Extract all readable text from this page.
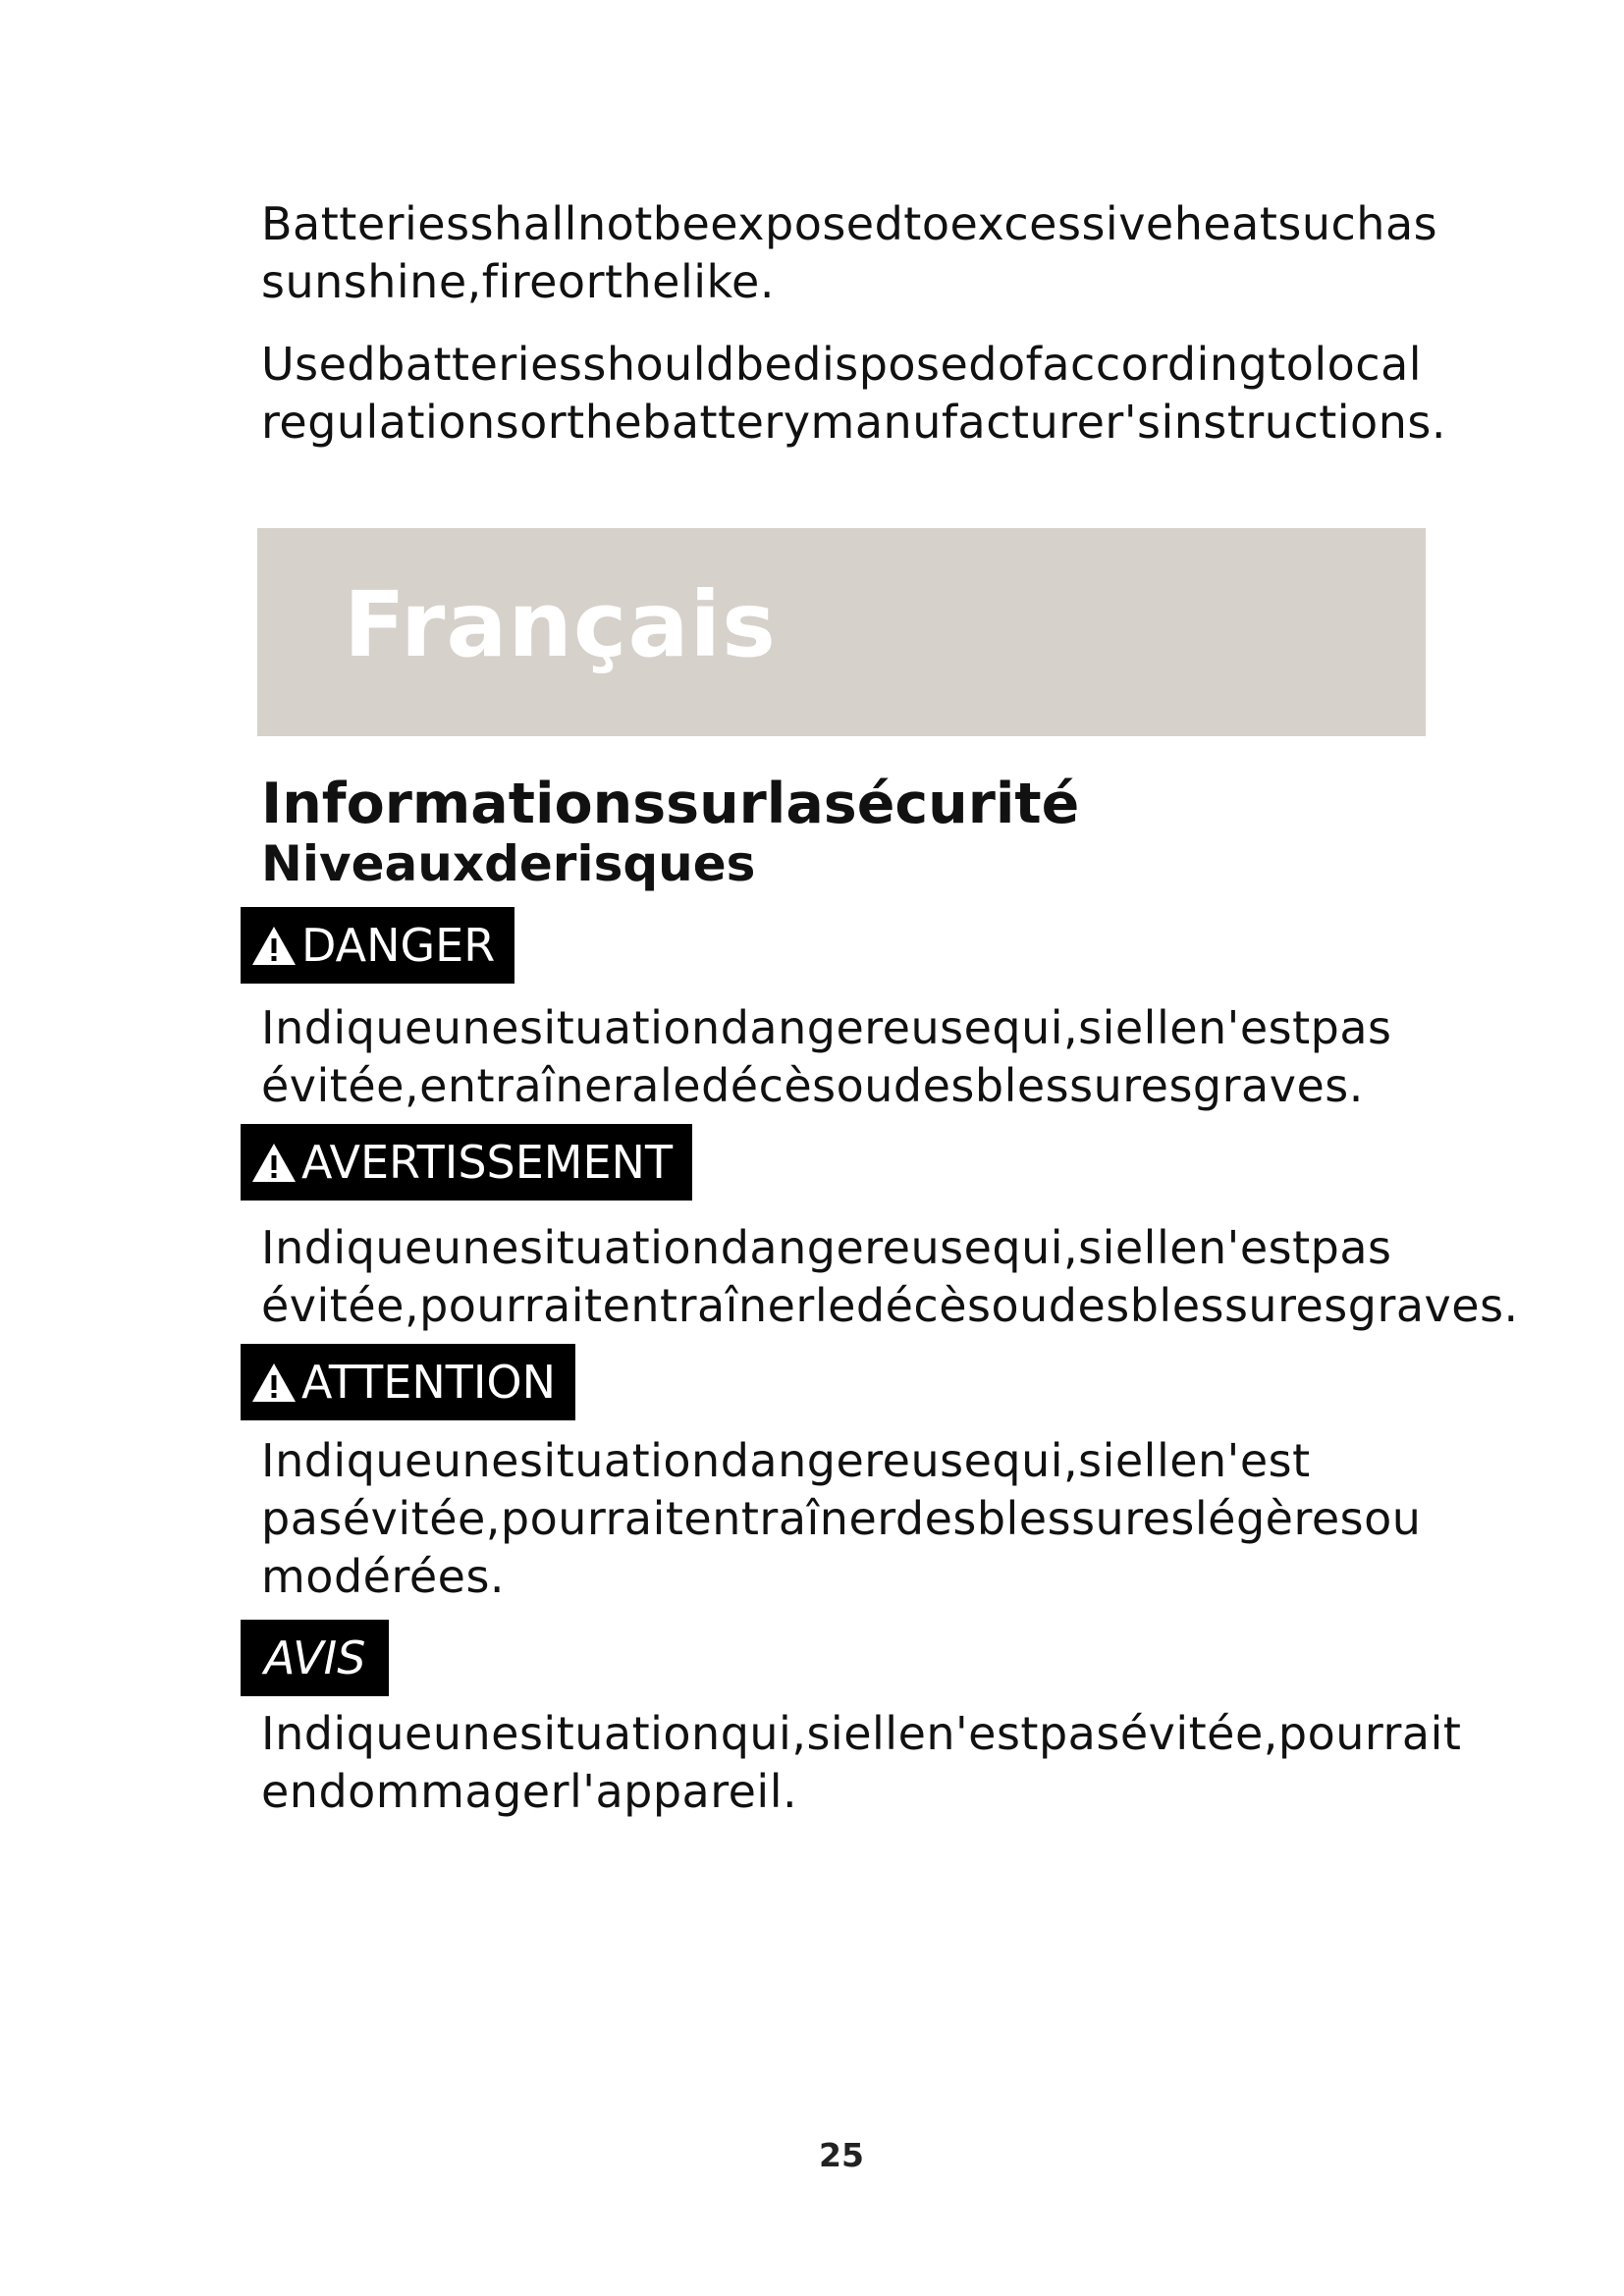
Batteriesshallnotbeexposedtoexcessiveheatsuchas
sunshine,fireorthelike.

Usedbatteriesshouldbedisposedofaccordingtolocal
regulationsorthebatterymanufacturer'sinstructions.

Français
Informationssurlasécurité
Niveauxderisques
DANGER

Indiqueunesituationdangereusequi,siellen'estpas
évitée,entraîneraledécèsoudesblessuresgraves.

AVERTISSEMENT

Indiqueunesituationdangereusequi,siellen'estpas
évitée,pourraitentraînerledécèsoudesblessuresgraves.

ATTENTION

Indiqueunesituationdangereusequi,siellen'est
pasévitée,pourraitentraînerdesblessureslégèresou
modérées.

AVIS

Indiqueunesituationqui,siellen'estpasévitée,pourrait
endommagerl'appareil.

25
